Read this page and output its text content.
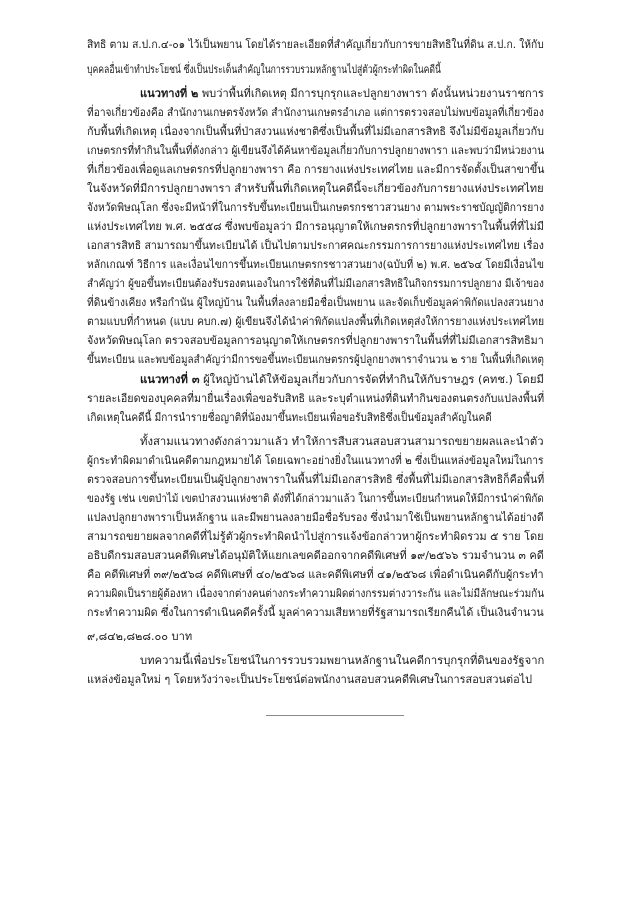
สิทธิ ตาม ส.ป.ก.๔-๐๑ ไว้เป็นพยาน โดยได้รายละเอียดที่สำคัญเกี่ยวกับการขายสิทธิในที่ดิน ส.ป.ก. ให้กับ
บุคคลอื่นเข้าทำประโยชน์ ซึ่งเป็นประเด็นสำคัญในการรวบรวมหลักฐานไปสู่ตัวผู้กระทำผิดในคดีนี้
แนวทางที่ ๒ พบว่าพื้นที่เกิดเหตุ มีการบุกรุกและปลูกยางพารา ดังนั้นหน่วยงานราชการ
ที่อาจเกี่ยวข้องคือ สำนักงานเกษตรจังหวัด สำนักงานเกษตรอำเภอ แต่การตรวจสอบไม่พบข้อมูลที่เกี่ยวข้อง
กับพื้นที่เกิดเหตุ เนื่องจากเป็นพื้นที่ป่าสงวนแห่งชาติซึ่งเป็นพื้นที่ไม่มีเอกสารสิทธิ จึงไม่มีข้อมูลเกี่ยวกับ
เกษตรกรที่ทำกินในพื้นที่ดังกล่าว ผู้เขียนจึงได้ค้นหาข้อมูลเกี่ยวกับการปลูกยางพารา และพบว่ามีหน่วยงาน
ที่เกี่ยวข้องเพื่อดูแลเกษตรกรที่ปลูกยางพารา คือ การยางแห่งประเทศไทย และมีการจัดตั้งเป็นสาขาขึ้น
ในจังหวัดที่มีการปลูกยางพารา สำหรับพื้นที่เกิดเหตุในคดีนี้จะเกี่ยวข้องกับการยางแห่งประเทศไทย
จังหวัดพิษณุโลก ซึ่งจะมีหน้าที่ในการรับขึ้นทะเบียนเป็นเกษตรกรชาวสวนยาง ตามพระราชบัญญัติการยาง
แห่งประเทศไทย พ.ศ. ๒๕๕๘ ซึ่งพบข้อมูลว่า มีการอนุญาตให้เกษตรกรที่ปลูกยางพาราในพื้นที่ที่ไม่มี
เอกสารสิทธิ สามารถมาขึ้นทะเบียนได้ เป็นไปตามประกาศคณะกรรมการการยางแห่งประเทศไทย เรื่อง
หลักเกณฑ์ วิธีการ และเงื่อนไขการขึ้นทะเบียนเกษตรกรชาวสวนยาง(ฉบับที่ ๒) พ.ศ. ๒๕๖๔ โดยมีเงื่อนไข
สำคัญว่า ผู้ขอขึ้นทะเบียนต้องรับรองตนเองในการใช้ที่ดินที่ไม่มีเอกสารสิทธิในกิจกรรมการปลูกยาง มีเจ้าของ
ที่ดินข้างเคียง หรือกำนัน ผู้ใหญ่บ้าน ในพื้นที่ลงลายมือชื่อเป็นพยาน และจัดเก็บข้อมูลค่าพิกัดแปลงสวนยาง
ตามแบบที่กำหนด (แบบ คบก.๗) ผู้เขียนจึงได้นำค่าพิกัดแปลงพื้นที่เกิดเหตุส่งให้การยางแห่งประเทศไทย
จังหวัดพิษณุโลก ตรวจสอบข้อมูลการอนุญาตให้เกษตรกรที่ปลูกยางพาราในพื้นที่ที่ไม่มีเอกสารสิทธิมา
ขึ้นทะเบียน และพบข้อมูลสำคัญว่ามีการขอขึ้นทะเบียนเกษตรกรผู้ปลูกยางพาราจำนวน ๒ ราย ในพื้นที่เกิดเหตุ
แนวทางที่ ๓ ผู้ใหญ่บ้านได้ให้ข้อมูลเกี่ยวกับการจัดที่ทำกินให้กับราษฎร (คทช.) โดยมี
รายละเอียดของบุคคลที่มายื่นเรื่องเพื่อขอรับสิทธิ และระบุตำแหน่งที่ดินทำกินของตนตรงกับแปลงพื้นที่
เกิดเหตุในคดีนี้ มีการนำรายชื่อญาติที่น้องมาขึ้นทะเบียนเพื่อขอรับสิทธิซึ่งเป็นข้อมูลสำคัญในคดี
ทั้งสามแนวทางดังกล่าวมาแล้ว ทำให้การสืบสวนสอบสวนสามารถขยายผลและนำตัว
ผู้กระทำผิดมาดำเนินคดีตามกฎหมายได้ โดยเฉพาะอย่างยิ่งในแนวทางที่ ๒ ซึ่งเป็นแหล่งข้อมูลใหม่ในการ
ตรวจสอบการขึ้นทะเบียนเป็นผู้ปลูกยางพาราในพื้นที่ไม่มีเอกสารสิทธิ ซึ่งพื้นที่ไม่มีเอกสารสิทธิก็คือพื้นที่
ของรัฐ เช่น เขตป่าไม้ เขตป่าสงวนแห่งชาติ ดังที่ได้กล่าวมาแล้ว ในการขึ้นทะเบียนกำหนดให้มีการนำค่าพิกัด
แปลงปลูกยางพาราเป็นหลักฐาน และมีพยานลงลายมือชื่อรับรอง ซึ่งนำมาใช้เป็นพยานหลักฐานได้อย่างดี
สามารถขยายผลจากคดีที่ไม่รู้ตัวผู้กระทำผิดนำไปสู่การแจ้งข้อกล่าวหาผู้กระทำผิดรวม ๕ ราย โดย
อธิบดีกรมสอบสวนคดีพิเศษได้อนุมัติให้แยกเลขคดีออกจากคดีพิเศษที่ ๑๙/๒๕๖๖ รวมจำนวน ๓ คดี
คือ คดีพิเศษที่ ๓๙/๒๕๖๘ คดีพิเศษที่ ๔๐/๒๕๖๘ และคดีพิเศษที่ ๔๑/๒๕๖๘ เพื่อดำเนินคดีกับผู้กระทำ
ความผิดเป็นรายผู้ต้องหา เนื่องจากต่างคนต่างกระทำความผิดต่างกรรมต่างวาระกัน และไม่มีลักษณะร่วมกัน
กระทำความผิด ซึ่งในการดำเนินคดีครั้งนี้ มูลค่าความเสียหายที่รัฐสามารถเรียกคืนได้ เป็นเงินจำนวน
๙,๘๔๒,๘๒๘.๐๐ บาท
บทความนี้เพื่อประโยชน์ในการรวบรวมพยานหลักฐานในคดีการบุกรุกที่ดินของรัฐจาก
แหล่งข้อมูลใหม่ ๆ โดยหวังว่าจะเป็นประโยชน์ต่อพนักงานสอบสวนคดีพิเศษในการสอบสวนต่อไป
